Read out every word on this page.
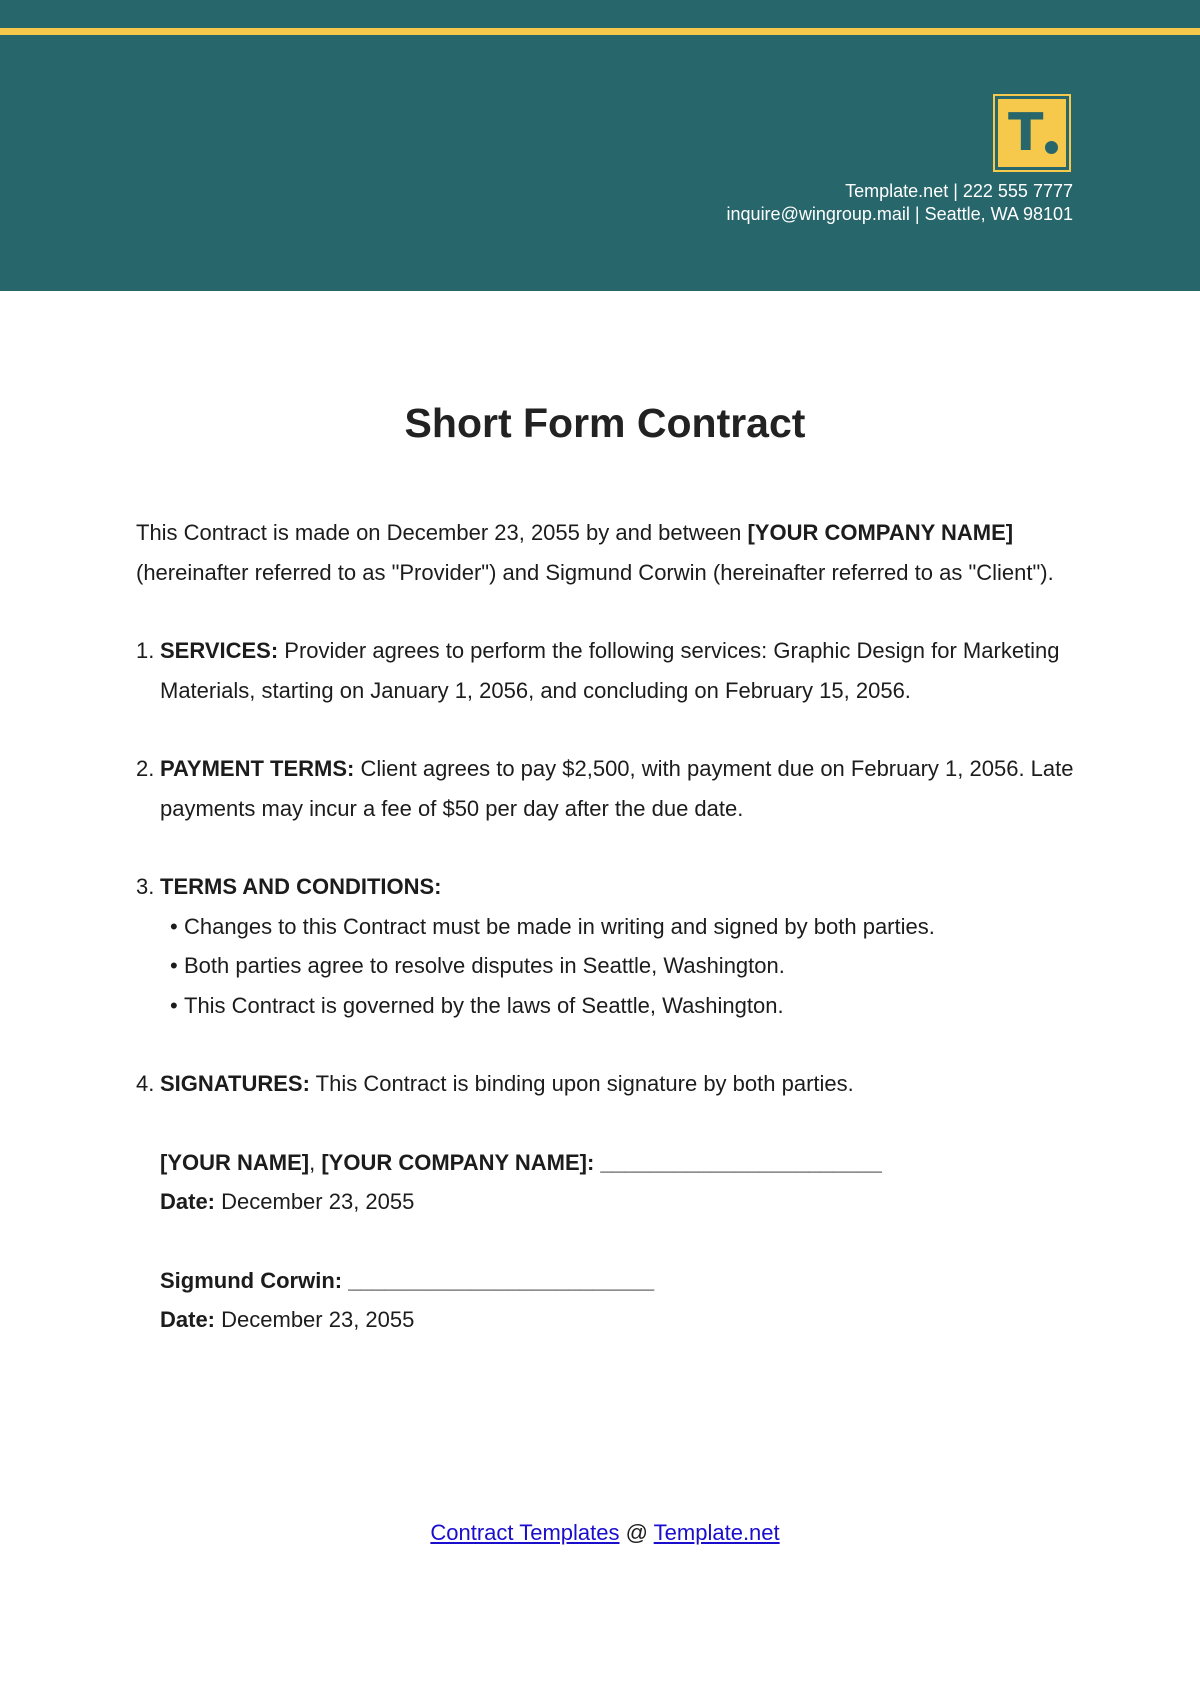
T
Template.net | 222 555 7777
inquire@wingroup.mail | Seattle, WA 98101
Short Form Contract

This Contract is made on December 23, 2055 by and between [YOUR COMPANY NAME] (hereinafter referred to as "Provider") and Sigmund Corwin (hereinafter referred to as "Client").

1. SERVICES: Provider agrees to perform the following services: Graphic Design for Marketing Materials, starting on January 1, 2056, and concluding on February 15, 2056.
2. PAYMENT TERMS: Client agrees to pay $2,500, with payment due on February 1, 2056. Late payments may incur a fee of $50 per day after the due date.
3. TERMS AND CONDITIONS:
• Changes to this Contract must be made in writing and signed by both parties.
• Both parties agree to resolve disputes in Seattle, Washington.
• This Contract is governed by the laws of Seattle, Washington.
4. SIGNATURES: This Contract is binding upon signature by both parties.
[YOUR NAME], [YOUR COMPANY NAME]: _______________________
Date: December 23, 2055
Sigmund Corwin: _________________________
Date: December 23, 2055
Contract Templates @ Template.net
